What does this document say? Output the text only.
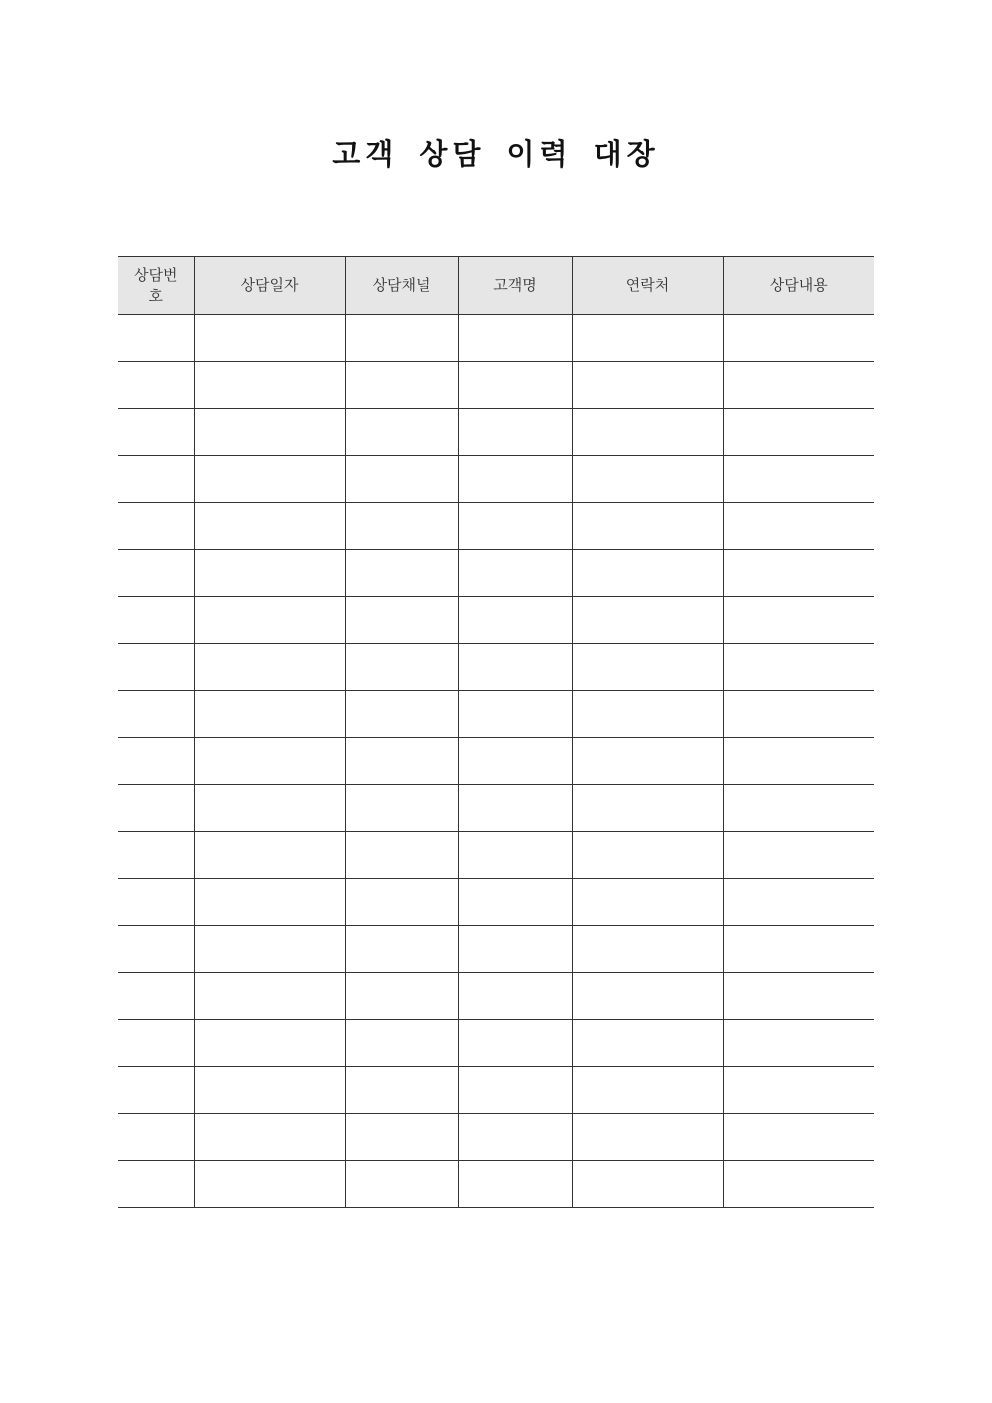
고객 상담 이력 대장
상담번호	상담일자	상담채널	고객명	연락처	상담내용
